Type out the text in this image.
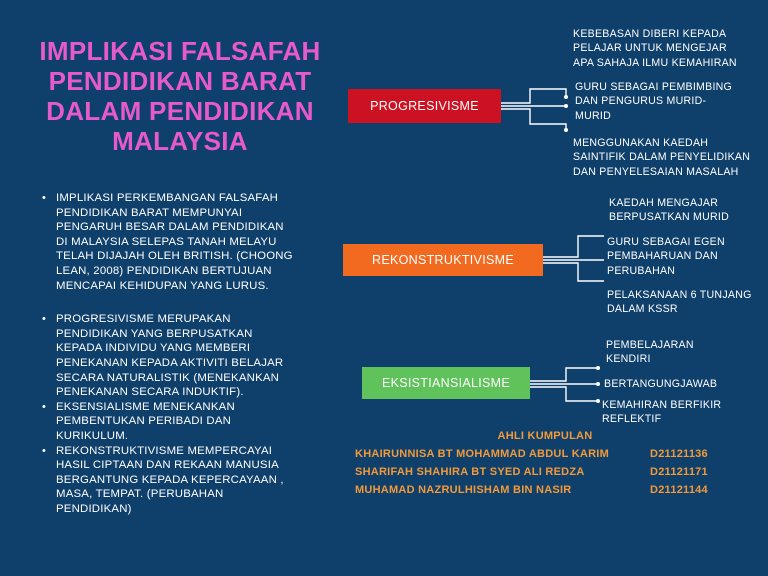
IMPLIKASI FALSAFAH
PENDIDIKAN BARAT
DALAM PENDIDIKAN
MALAYSIA
• IMPLIKASI PERKEMBANGAN FALSAFAH
PENDIDIKAN BARAT MEMPUNYAI
PENGARUH BESAR DALAM PENDIDIKAN
DI MALAYSIA SELEPAS TANAH MELAYU
TELAH DIJAJAH OLEH BRITISH. (CHOONG
LEAN, 2008) PENDIDIKAN BERTUJUAN
MENCAPAI KEHIDUPAN YANG LURUS.
• PROGRESIVISME MERUPAKAN
PENDIDIKAN YANG BERPUSATKAN
KEPADA INDIVIDU YANG MEMBERI
PENEKANAN KEPADA AKTIVITI BELAJAR
SECARA NATURALISTIK (MENEKANKAN
PENEKANAN SECARA INDUKTIF).
• EKSENSIALISME MENEKANKAN
PEMBENTUKAN PERIBADI DAN
KURIKULUM.
• REKONSTRUKTIVISME MEMPERCAYAI
HASIL CIPTAAN DAN REKAAN MANUSIA
BERGANTUNG KEPADA KEPERCAYAAN ,
MASA, TEMPAT. (PERUBAHAN
PENDIDIKAN)
PROGRESIVISME
REKONSTRUKTIVISME
EKSISTIANSIALISME
KEBEBASAN DIBERI KEPADA
PELAJAR UNTUK MENGEJAR
APA SAHAJA ILMU KEMAHIRAN
GURU SEBAGAI PEMBIMBING
DAN PENGURUS MURID-
MURID
MENGGUNAKAN KAEDAH
SAINTIFIK DALAM PENYELIDIKAN
DAN PENYELESAIAN MASALAH
KAEDAH MENGAJAR
BERPUSATKAN MURID
GURU SEBAGAI EGEN
PEMBAHARUAN DAN
PERUBAHAN
PELAKSANAAN 6 TUNJANG
DALAM KSSR
PEMBELAJARAN
KENDIRI
BERTANGUNGJAWAB
KEMAHIRAN BERFIKIR
REFLEKTIF
AHLI KUMPULAN
KHAIRUNNISA BT MOHAMMAD ABDUL KARIM	D21121136
SHARIFAH SHAHIRA BT SYED ALI REDZA	D21121171
MUHAMAD NAZRULHISHAM BIN NASIR	D21121144
